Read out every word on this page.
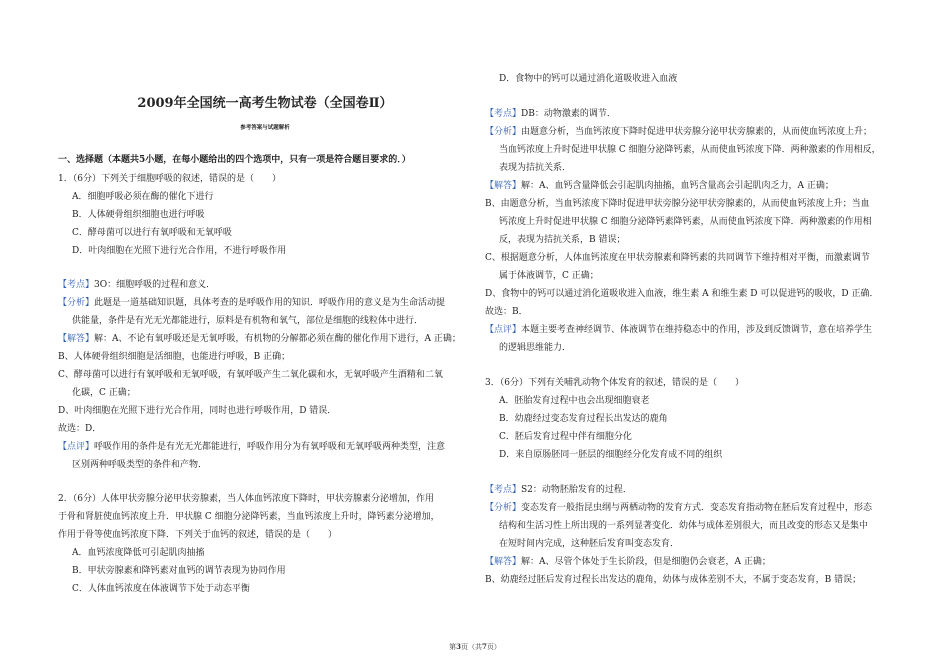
2009年全国统一高考生物试卷（全国卷Ⅱ）
参考答案与试题解析
一、选择题（本题共5小题，在每小题给出的四个选项中，只有一项是符合题目要求的．）
1．（6分）下列关于细胞呼吸的叙述，错误的是（　　）
A．细胞呼吸必须在酶的催化下进行
B．人体硬骨组织细胞也进行呼吸
C．酵母菌可以进行有氧呼吸和无氧呼吸
D．叶肉细胞在光照下进行光合作用，不进行呼吸作用
【考点】3O：细胞呼吸的过程和意义．
【分析】此题是一道基础知识题，具体考查的是呼吸作用的知识．呼吸作用的意义是为生命活动提
供能量，条件是有光无光都能进行，原料是有机物和氧气，部位是细胞的线粒体中进行．
【解答】解：A、不论有氧呼吸还是无氧呼吸，有机物的分解都必须在酶的催化作用下进行，A 正确；
B、人体硬骨组织细胞是活细胞，也能进行呼吸，B 正确；
C、酵母菌可以进行有氧呼吸和无氧呼吸，有氧呼吸产生二氧化碳和水，无氧呼吸产生酒精和二氧
化碳，C 正确；
D、叶肉细胞在光照下进行光合作用，同时也进行呼吸作用，D 错误．
故选：D．
【点评】呼吸作用的条件是有光无光都能进行，呼吸作用分为有氧呼吸和无氧呼吸两种类型，注意
区别两种呼吸类型的条件和产物．
2．（6分）人体甲状旁腺分泌甲状旁腺素，当人体血钙浓度下降时，甲状旁腺素分泌增加，作用
于骨和肾脏使血钙浓度上升．甲状腺 C 细胞分泌降钙素，当血钙浓度上升时，降钙素分泌增加，
作用于骨等使血钙浓度下降．下列关于血钙的叙述，错误的是（　　）
A．血钙浓度降低可引起肌肉抽搐
B．甲状旁腺素和降钙素对血钙的调节表现为协同作用
C．人体血钙浓度在体液调节下处于动态平衡
D．食物中的钙可以通过消化道吸收进入血液
【考点】DB：动物激素的调节．
【分析】由题意分析，当血钙浓度下降时促进甲状旁腺分泌甲状旁腺素的，从而使血钙浓度上升；
当血钙浓度上升时促进甲状腺 C 细胞分泌降钙素，从而使血钙浓度下降．两种激素的作用相反，
表现为拮抗关系．
【解答】解：A、血钙含量降低会引起肌肉抽搐，血钙含量高会引起肌肉乏力，A 正确；
B、由题意分析，当血钙浓度下降时促进甲状旁腺分泌甲状旁腺素的，从而使血钙浓度上升；当血
钙浓度上升时促进甲状腺 C 细胞分泌降钙素降钙素，从而使血钙浓度下降．两种激素的作用相
反，表现为拮抗关系，B 错误；
C、根据题意分析，人体血钙浓度在甲状旁腺素和降钙素的共同调节下维持相对平衡，而激素调节
属于体液调节，C 正确；
D、食物中的钙可以通过消化道吸收进入血液，维生素 A 和维生素 D 可以促进钙的吸收，D 正确．
故选：B．
【点评】本题主要考查神经调节、体液调节在维持稳态中的作用，涉及到反馈调节，意在培养学生
的逻辑思维能力．
3．（6分）下列有关哺乳动物个体发育的叙述，错误的是（　　）
A．胚胎发育过程中也会出现细胞衰老
B．幼鹿经过变态发育过程长出发达的鹿角
C．胚后发育过程中伴有细胞分化
D．来自原肠胚同一胚层的细胞经分化发育成不同的组织
【考点】S2：动物胚胎发育的过程．
【分析】变态发育一般指昆虫纲与两栖动物的发育方式．变态发育指动物在胚后发育过程中，形态
结构和生活习性上所出现的一系列显著变化．幼体与成体差别很大，而且改变的形态又是集中
在短时间内完成，这种胚后发育叫变态发育．
【解答】解：A、尽管个体处于生长阶段，但是细胞仍会衰老，A 正确；
B、幼鹿经过胚后发育过程长出发达的鹿角，幼体与成体差别不大，不属于变态发育，B 错误；
第3页（共7页）
